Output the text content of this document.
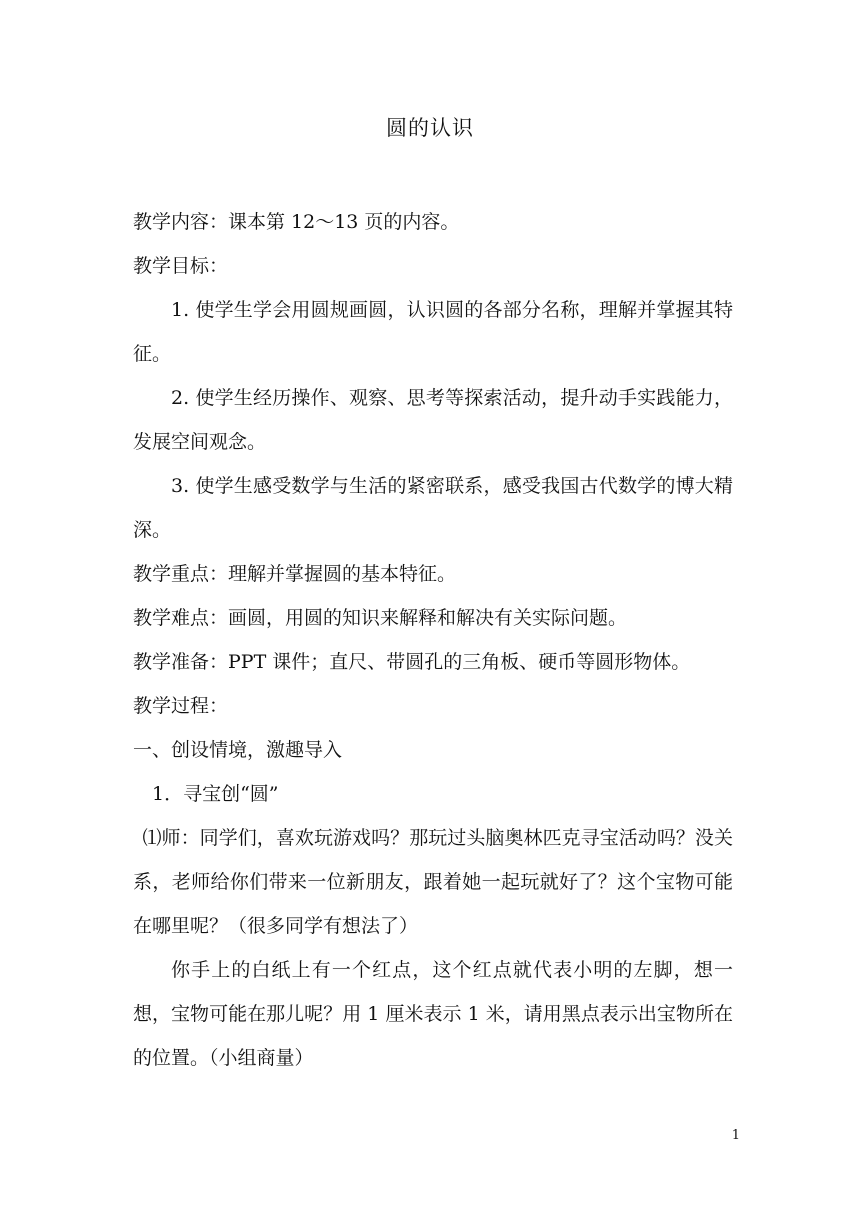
圆的认识

教学内容：课本第 12～13 页的内容。

教学目标：

1. 使学生学会用圆规画圆，认识圆的各部分名称，理解并掌握其特征。

2. 使学生经历操作、观察、思考等探索活动，提升动手实践能力，发展空间观念。

3. 使学生感受数学与生活的紧密联系，感受我国古代数学的博大精深。

教学重点：理解并掌握圆的基本特征。

教学难点：画圆，用圆的知识来解释和解决有关实际问题。

教学准备：PPT 课件；直尺、带圆孔的三角板、硬币等圆形物体。

教学过程：

一、创设情境，激趣导入

1．寻宝创“圆”

⑴师：同学们，喜欢玩游戏吗？那玩过头脑奥林匹克寻宝活动吗？没关系，老师给你们带来一位新朋友，跟着她一起玩就好了？这个宝物可能在哪里呢？（很多同学有想法了）

你手上的白纸上有一个红点，这个红点就代表小明的左脚，想一想，宝物可能在那儿呢？用 1 厘米表示 1 米，请用黑点表示出宝物所在的位置。（小组商量）

1
